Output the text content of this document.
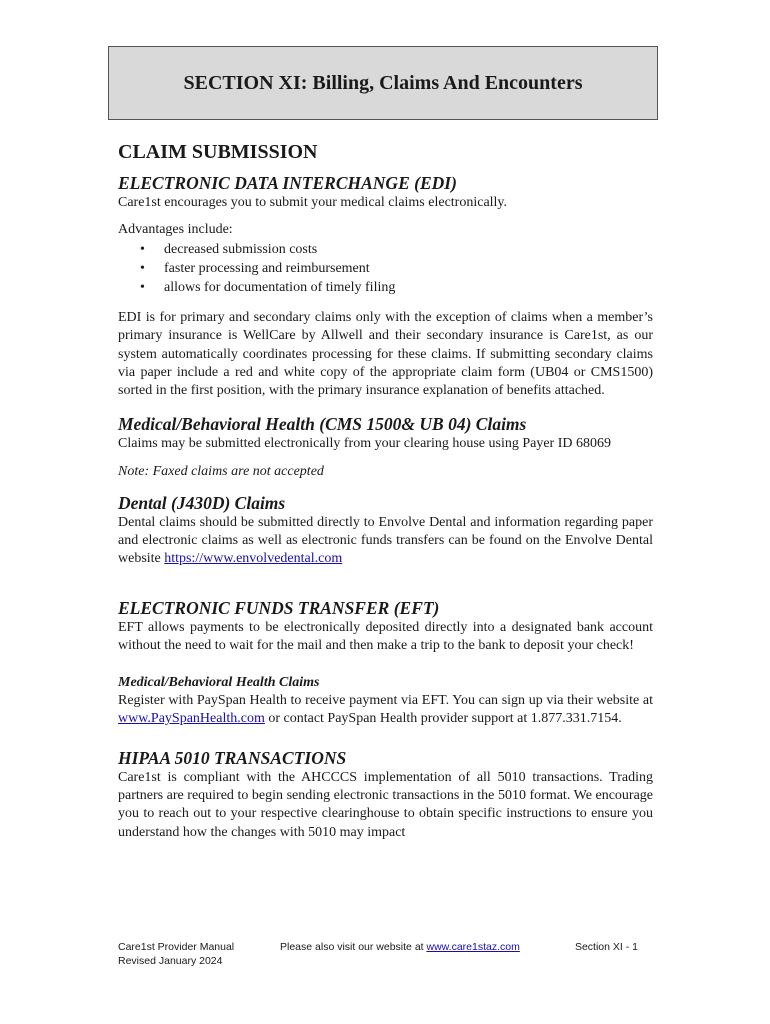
SECTION XI: Billing, Claims And Encounters
CLAIM SUBMISSION
ELECTRONIC DATA INTERCHANGE (EDI)

Care1st encourages you to submit your medical claims electronically.

Advantages include:

• decreased submission costs
• faster processing and reimbursement
• allows for documentation of timely filing

EDI is for primary and secondary claims only with the exception of claims when a member’s primary insurance is WellCare by Allwell and their secondary insurance is Care1st, as our system automatically coordinates processing for these claims. If submitting secondary claims via paper include a red and white copy of the appropriate claim form (UB04 or CMS1500) sorted in the first position, with the primary insurance explanation of benefits attached.

Medical/Behavioral Health (CMS 1500& UB 04) Claims

Claims may be submitted electronically from your clearing house using Payer ID 68069

Note: Faxed claims are not accepted

Dental (J430D) Claims

Dental claims should be submitted directly to Envolve Dental and information regarding paper and electronic claims as well as electronic funds transfers can be found on the Envolve Dental website https://www.envolvedental.com

ELECTRONIC FUNDS TRANSFER (EFT)

EFT allows payments to be electronically deposited directly into a designated bank account without the need to wait for the mail and then make a trip to the bank to deposit your check!

Medical/Behavioral Health Claims

Register with PaySpan Health to receive payment via EFT. You can sign up via their website at www.PaySpanHealth.com or contact PaySpan Health provider support at 1.877.331.7154.

HIPAA 5010 TRANSACTIONS

Care1st is compliant with the AHCCCS implementation of all 5010 transactions. Trading partners are required to begin sending electronic transactions in the 5010 format. We encourage you to reach out to your respective clearinghouse to obtain specific instructions to ensure you understand how the changes with 5010 may impact

Care1st Provider Manual
Revised January 2024
Please also visit our website at www.care1staz.com	Section XI - 1
